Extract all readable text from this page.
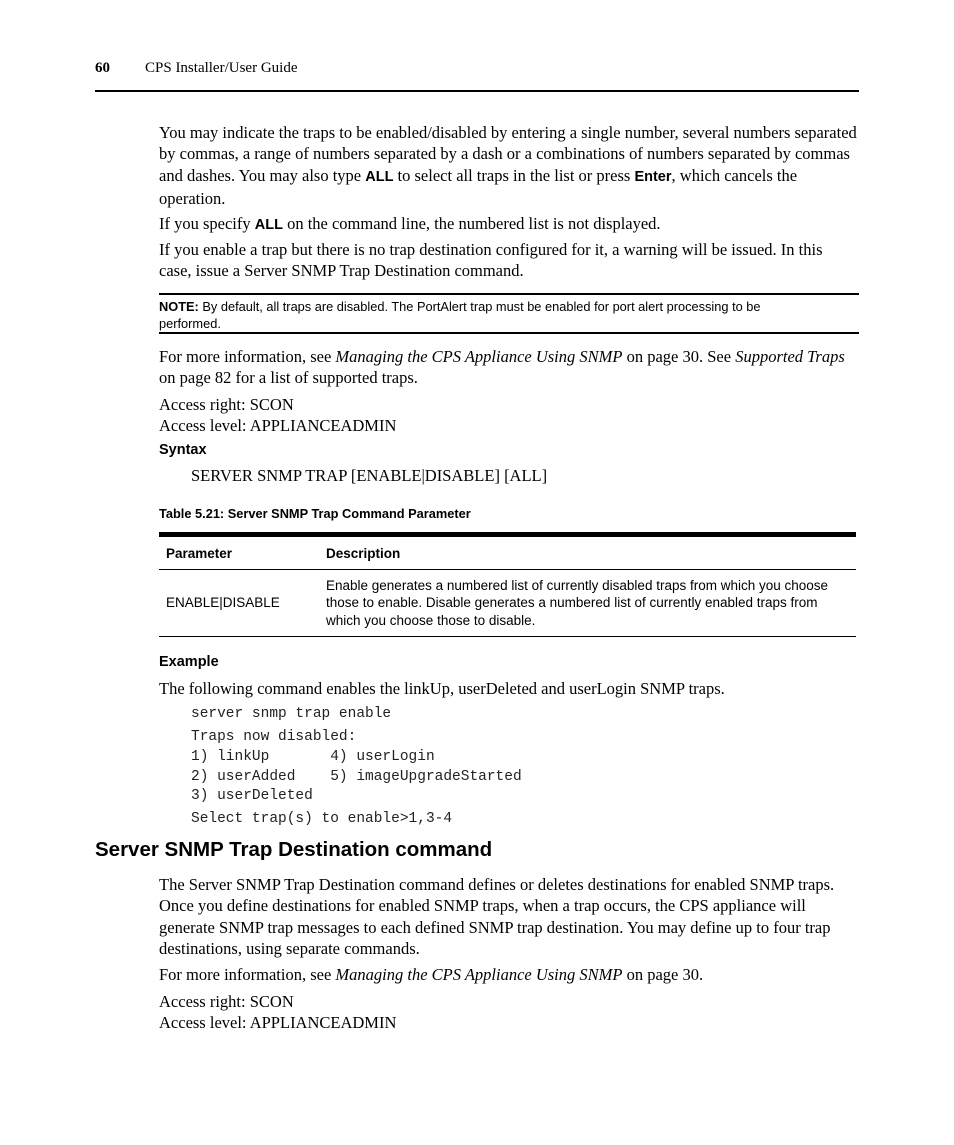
60 CPS Installer/User Guide

You may indicate the traps to be enabled/disabled by entering a single number, several numbers separated by commas, a range of numbers separated by a dash or a combinations of numbers separated by commas and dashes. You may also type ALL to select all traps in the list or press Enter, which cancels the operation.

If you specify ALL on the command line, the numbered list is not displayed.

If you enable a trap but there is no trap destination configured for it, a warning will be issued. In this case, issue a Server SNMP Trap Destination command.

NOTE: By default, all traps are disabled. The PortAlert trap must be enabled for port alert processing to be performed.

For more information, see Managing the CPS Appliance Using SNMP on page 30. See Supported Traps on page 82 for a list of supported traps.

Access right: SCON

Access level: APPLIANCEADMIN

Syntax

SERVER SNMP TRAP [ENABLE|DISABLE] [ALL]

Table 5.21: Server SNMP Trap Command Parameter

Parameter	Description
ENABLE|DISABLE	Enable generates a numbered list of currently disabled traps from which you choose those to enable. Disable generates a numbered list of currently enabled traps from which you choose those to disable.

Example

The following command enables the linkUp, userDeleted and userLogin SNMP traps.

server snmp trap enable
Traps now disabled:
1) linkUp       4) userLogin
2) userAdded    5) imageUpgradeStarted
3) userDeleted
Select trap(s) to enable>1,3-4
Server SNMP Trap Destination command

The Server SNMP Trap Destination command defines or deletes destinations for enabled SNMP traps. Once you define destinations for enabled SNMP traps, when a trap occurs, the CPS appliance will generate SNMP trap messages to each defined SNMP trap destination. You may define up to four trap destinations, using separate commands.

For more information, see Managing the CPS Appliance Using SNMP on page 30.

Access right: SCON

Access level: APPLIANCEADMIN
